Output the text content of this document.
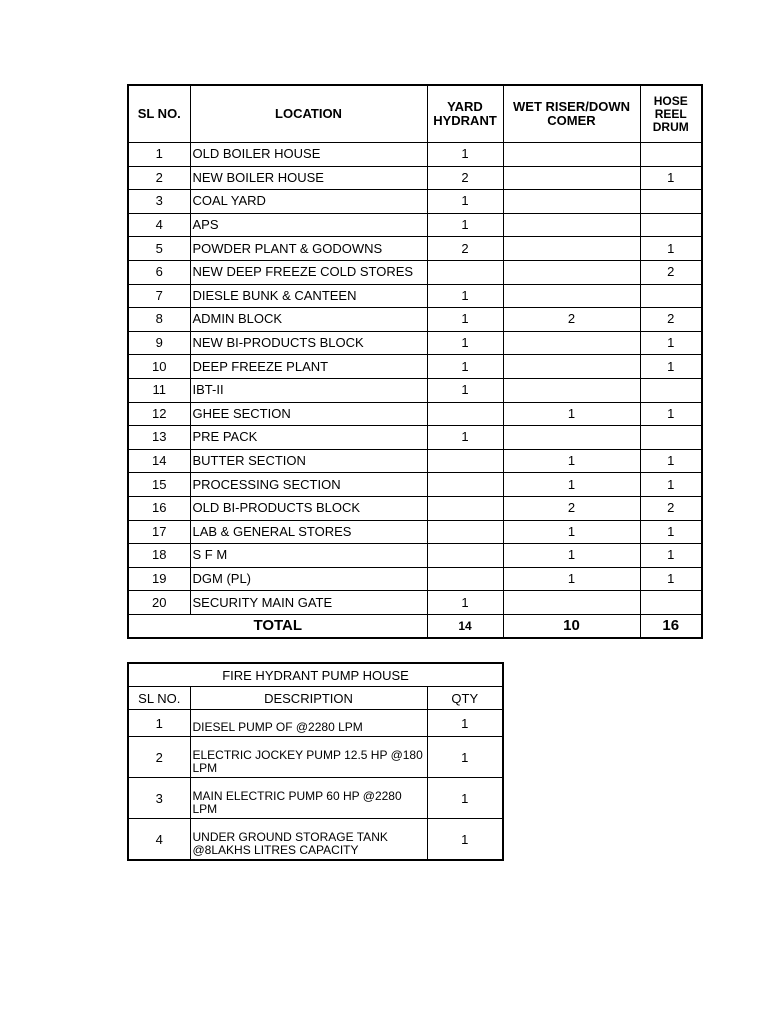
SL NO.	LOCATION	YARD HYDRANT	WET RISER/DOWN COMER	HOSE REEL DRUM
1	OLD BOILER HOUSE	1		
2	NEW BOILER HOUSE	2		1
3	COAL YARD	1		
4	APS	1		
5	POWDER PLANT & GODOWNS	2		1
6	NEW DEEP FREEZE COLD STORES			2
7	DIESLE BUNK & CANTEEN	1		
8	ADMIN BLOCK	1	2	2
9	NEW BI-PRODUCTS BLOCK	1		1
10	DEEP FREEZE PLANT	1		1
11	IBT-II	1		
12	GHEE SECTION		1	1
13	PRE PACK	1		
14	BUTTER SECTION		1	1
15	PROCESSING SECTION		1	1
16	OLD BI-PRODUCTS BLOCK		2	2
17	LAB & GENERAL STORES		1	1
18	S F M		1	1
19	DGM (PL)		1	1
20	SECURITY MAIN GATE	1		
TOTAL		14	10	16
FIRE HYDRANT PUMP HOUSE		
SL NO.	DESCRIPTION	QTY
1	DIESEL PUMP OF @2280 LPM	1
2	ELECTRIC JOCKEY PUMP 12.5 HP @180 LPM	1
3	MAIN ELECTRIC PUMP 60 HP @2280 LPM	1
4	UNDER GROUND STORAGE TANK @8LAKHS LITRES CAPACITY	1
